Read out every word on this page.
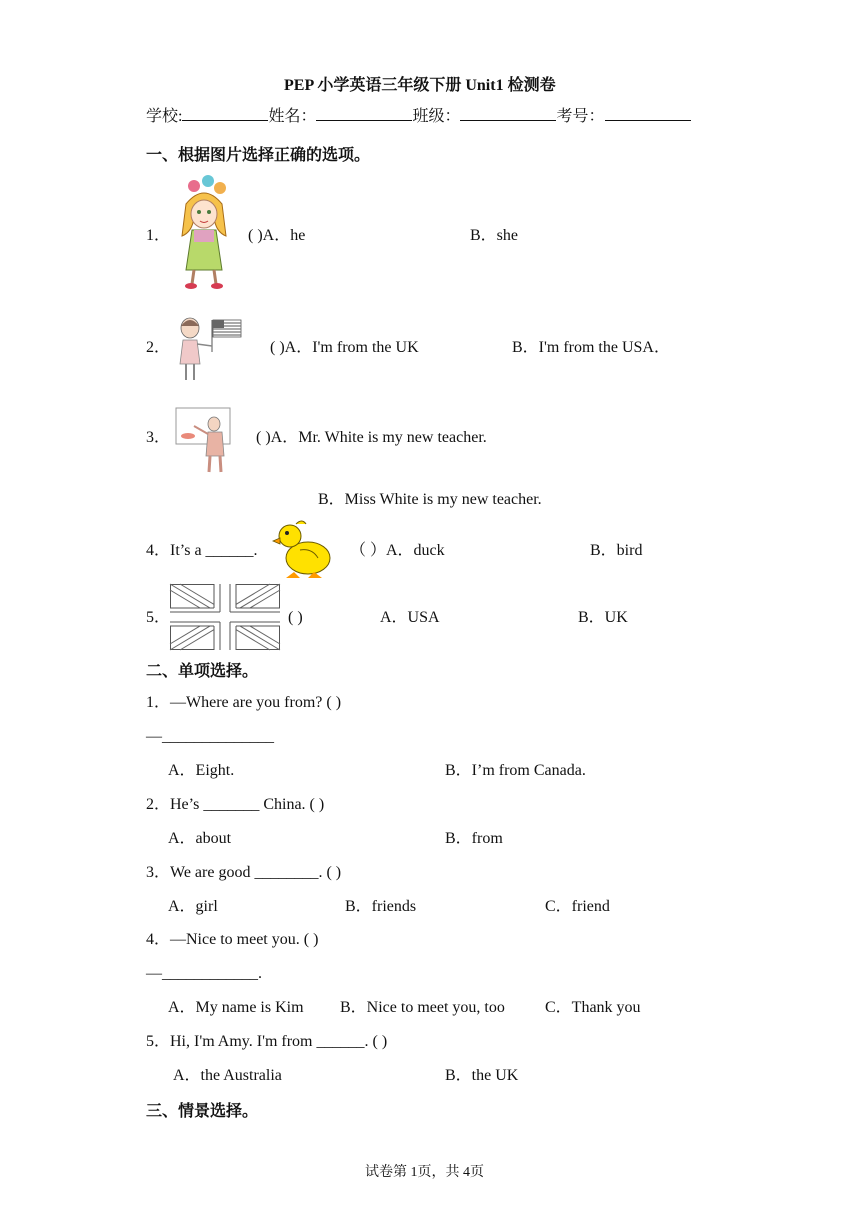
PEP 小学英语三年级下册 Unit1 检测卷
学校:	姓名：	班级：	考号：
一、根据图片选择正确的选项。
1．	( )A．he	B．she
2．	( )A．I'm from the UK	B．I'm from the USA．
3．	( )A．Mr. White is my new teacher.
B．Miss White is my new teacher.
4．It’s a ______.	（ ）A．duck	B．bird
5．	( )	A．USA	B．UK
二、单项选择。
1．—Where are you from? ( )
—______________
A．Eight.	B．I’m from Canada.
2．He’s _______ China. ( )
A．about	B．from
3．We are good ________. ( )
A．girl	B．friends	C．friend
4．—Nice to meet you. ( )
—____________.
A．My name is Kim B．Nice to meet you, too	C．Thank you
5．Hi, I'm Amy. I'm from ______. ( )
A．the Australia	B．the UK
三、情景选择。
试卷第 1页，共 4页
